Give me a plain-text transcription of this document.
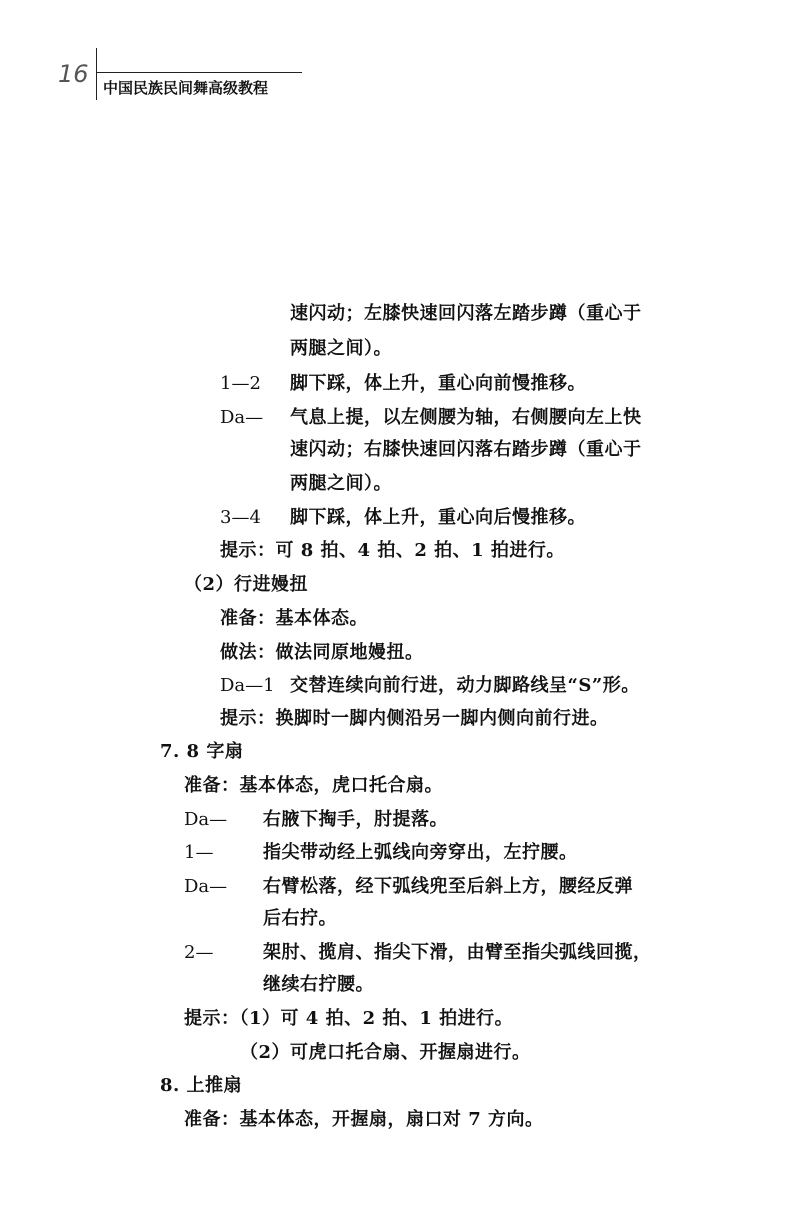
16 中国民族民间舞高级教程
速闪动；左膝快速回闪落左踏步蹲（重心于
两腿之间）。
1—2 脚下踩，体上升，重心向前慢推移。
Da— 气息上提，以左侧腰为轴，右侧腰向左上快
速闪动；右膝快速回闪落右踏步蹲（重心于
两腿之间）。
3—4 脚下踩，体上升，重心向后慢推移。
提示：可 8 拍、4 拍、2 拍、1 拍进行。
（2）行进嫚扭
准备：基本体态。
做法：做法同原地嫚扭。
Da—1 交替连续向前行进，动力脚路线呈“S”形。
提示：换脚时一脚内侧沿另一脚内侧向前行进。
7. 8 字扇
准备：基本体态，虎口托合扇。
Da— 右腋下掏手，肘提落。
1—	指尖带动经上弧线向旁穿出，左拧腰。
Da— 右臂松落，经下弧线兜至后斜上方，腰经反弹
后右拧。
2—	架肘、揽肩、指尖下滑，由臂至指尖弧线回揽，
继续右拧腰。
提示：（1）可 4 拍、2 拍、1 拍进行。
（2）可虎口托合扇、开握扇进行。
8. 上推扇
准备：基本体态，开握扇，扇口对 7 方向。
